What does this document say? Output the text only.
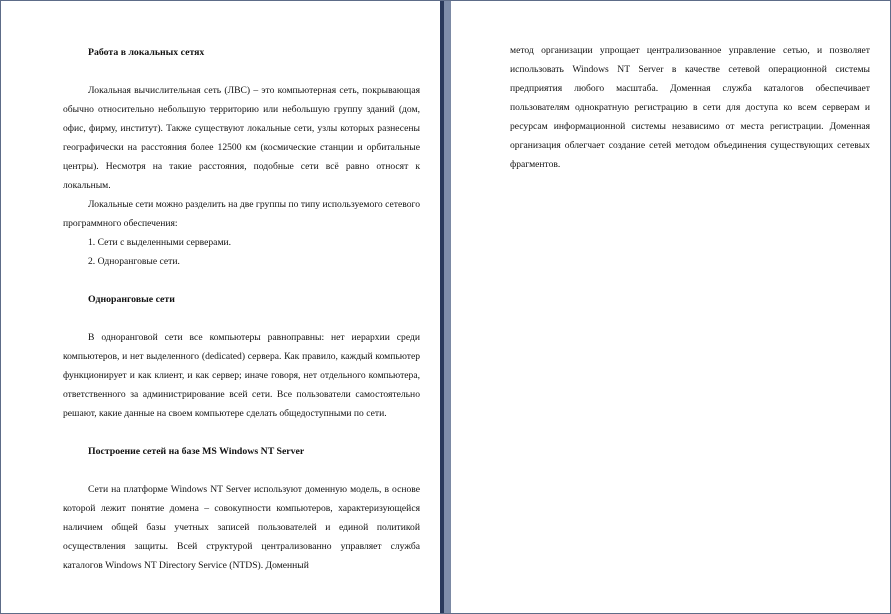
Работа в локальных сетях

Локальная вычислительная сеть (ЛВС) – это компьютерная сеть, покрывающая обычно относительно небольшую территорию или небольшую группу зданий (дом, офис, фирму, институт). Также существуют локальные сети, узлы которых разнесены географически на расстояния более 12500 км (космические станции и орбитальные центры). Несмотря на такие расстояния, подобные сети всё равно относят к локальным.

Локальные сети можно разделить на две группы по типу используемого сетевого программного обеспечения:

1. Сети с выделенными серверами.

2. Одноранговые сети.

Одноранговые сети

В одноранговой сети все компьютеры равноправны: нет иерархии среди компьютеров, и нет выделенного (dedicated) сервера. Как правило, каждый компьютер функционирует и как клиент, и как сервер; иначе говоря, нет отдельного компьютера, ответственного за администрирование всей сети. Все пользователи самостоятельно решают, какие данные на своем компьютере сделать общедоступными по сети.

Построение сетей на базе MS Windows NT Server

Сети на платформе Windows NT Server используют доменную модель, в основе которой лежит понятие домена – совокупности компьютеров, характеризующейся наличием общей базы учетных записей пользователей и единой политикой осуществления защиты. Всей структурой централизованно управляет служба каталогов Windows NT Directory Service (NTDS). Доменный

метод организации упрощает централизованное управление сетью, и позволяет использовать Windows NT Server в качестве сетевой операционной системы предприятия любого масштаба. Доменная служба каталогов обеспечивает пользователям однократную регистрацию в сети для доступа ко всем серверам и ресурсам информационной системы независимо от места регистрации. Доменная организация облегчает создание сетей методом объединения существующих сетевых фрагментов.
